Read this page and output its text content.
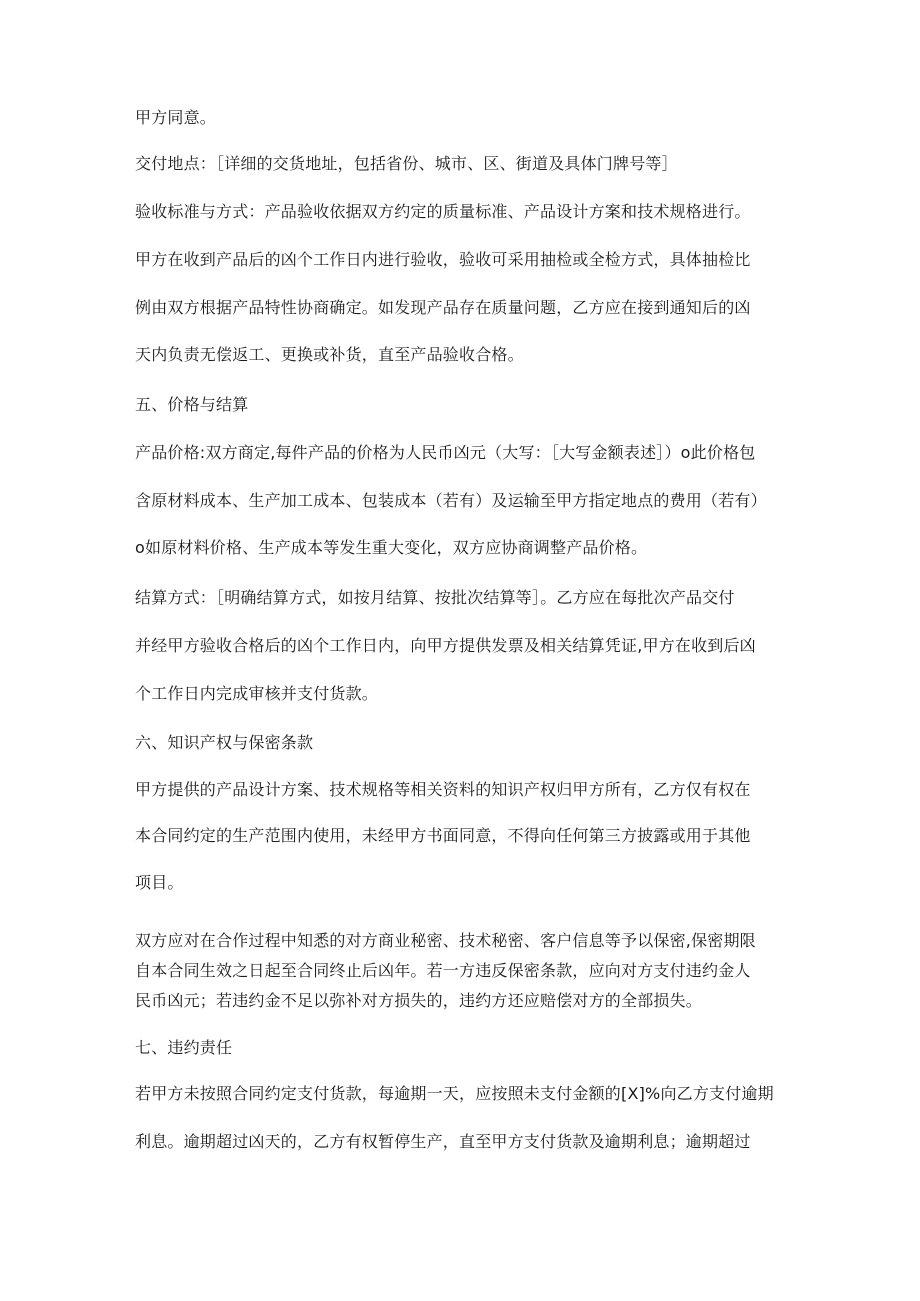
甲方同意。
交付地点：［详细的交货地址，包括省份、城市、区、街道及具体门牌号等］
验收标准与方式：产品验收依据双方约定的质量标准、产品设计方案和技术规格进行。
甲方在收到产品后的凶个工作日内进行验收，验收可采用抽检或全检方式，具体抽检比
例由双方根据产品特性协商确定。如发现产品存在质量问题，乙方应在接到通知后的凶
天内负责无偿返工、更换或补货，直至产品验收合格。
五、价格与结算
产品价格:双方商定,每件产品的价格为人民币凶元（大写：［大写金额表述］）o此价格包
含原材料成本、生产加工成本、包装成本（若有）及运输至甲方指定地点的费用（若有）
o如原材料价格、生产成本等发生重大变化，双方应协商调整产品价格。
结算方式：［明确结算方式，如按月结算、按批次结算等］。乙方应在每批次产品交付
并经甲方验收合格后的凶个工作日内，向甲方提供发票及相关结算凭证,甲方在收到后凶
个工作日内完成审核并支付货款。
六、知识产权与保密条款
甲方提供的产品设计方案、技术规格等相关资料的知识产权归甲方所有，乙方仅有权在
本合同约定的生产范围内使用，未经甲方书面同意，不得向任何第三方披露或用于其他
项目。
双方应对在合作过程中知悉的对方商业秘密、技术秘密、客户信息等予以保密,保密期限
自本合同生效之日起至合同终止后凶年。若一方违反保密条款，应向对方支付违约金人
民币凶元；若违约金不足以弥补对方损失的，违约方还应赔偿对方的全部损失。
七、违约责任
若甲方未按照合同约定支付货款，每逾期一天，应按照未支付金额的[X]%向乙方支付逾期
利息。逾期超过凶天的，乙方有权暂停生产，直至甲方支付货款及逾期利息；逾期超过
